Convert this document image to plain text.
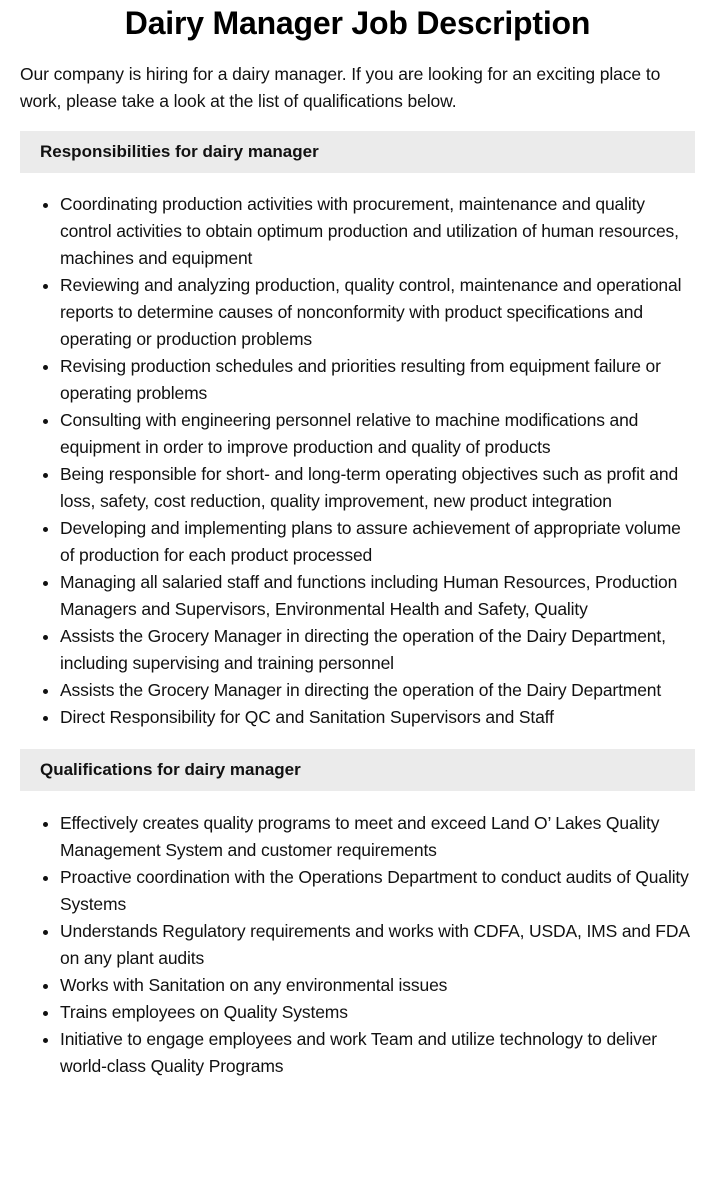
Dairy Manager Job Description

Our company is hiring for a dairy manager. If you are looking for an exciting place to work, please take a look at the list of qualifications below.

Responsibilities for dairy manager
• Coordinating production activities with procurement, maintenance and quality control activities to obtain optimum production and utilization of human resources, machines and equipment
• Reviewing and analyzing production, quality control, maintenance and operational reports to determine causes of nonconformity with product specifications and operating or production problems
• Revising production schedules and priorities resulting from equipment failure or operating problems
• Consulting with engineering personnel relative to machine modifications and equipment in order to improve production and quality of products
• Being responsible for short- and long-term operating objectives such as profit and loss, safety, cost reduction, quality improvement, new product integration
• Developing and implementing plans to assure achievement of appropriate volume of production for each product processed
• Managing all salaried staff and functions including Human Resources, Production Managers and Supervisors, Environmental Health and Safety, Quality
• Assists the Grocery Manager in directing the operation of the Dairy Department, including supervising and training personnel
• Assists the Grocery Manager in directing the operation of the Dairy Department
• Direct Responsibility for QC and Sanitation Supervisors and Staff
Qualifications for dairy manager
• Effectively creates quality programs to meet and exceed Land O’ Lakes Quality Management System and customer requirements
• Proactive coordination with the Operations Department to conduct audits of Quality Systems
• Understands Regulatory requirements and works with CDFA, USDA, IMS and FDA on any plant audits
• Works with Sanitation on any environmental issues
• Trains employees on Quality Systems
• Initiative to engage employees and work Team and utilize technology to deliver world-class Quality Programs
